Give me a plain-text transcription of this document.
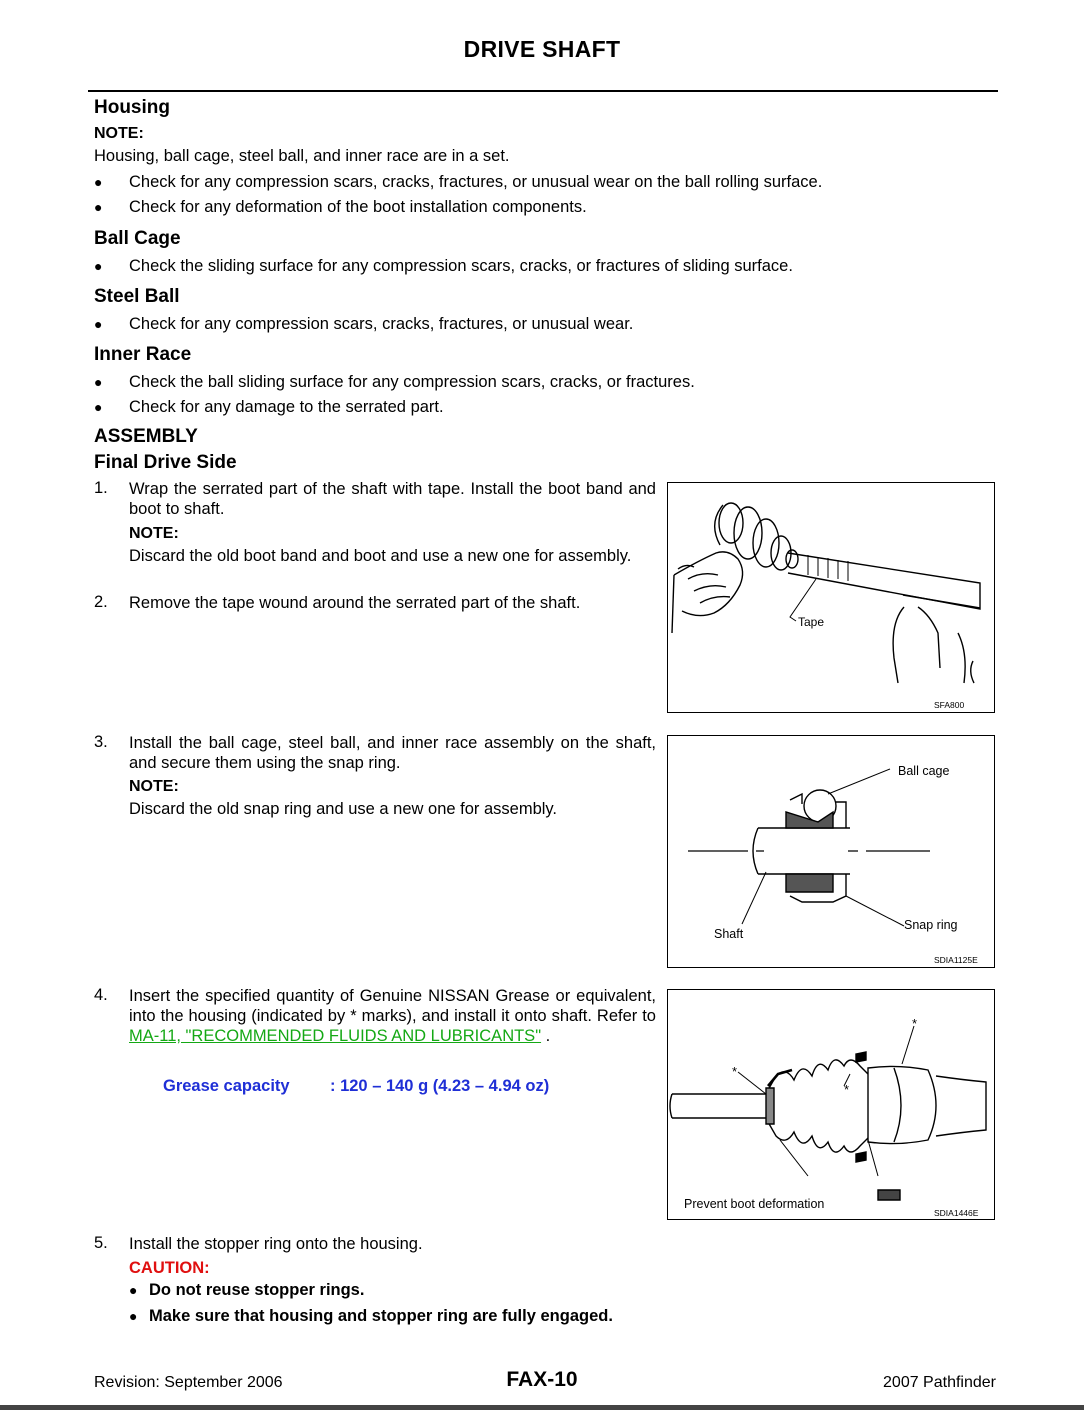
DRIVE SHAFT
Housing
NOTE:
Housing, ball cage, steel ball, and inner race are in a set.
● Check for any compression scars, cracks, fractures, or unusual wear on the ball rolling surface.
● Check for any deformation of the boot installation components.
Ball Cage
● Check the sliding surface for any compression scars, cracks, or fractures of sliding surface.
Steel Ball
● Check for any compression scars, cracks, fractures, or unusual wear.
Inner Race
● Check the ball sliding surface for any compression scars, cracks, or fractures.
● Check for any damage to the serrated part.
ASSEMBLY
Final Drive Side
1. Wrap the serrated part of the shaft with tape. Install the boot band and boot to shaft.
NOTE:
Discard the old boot band and boot and use a new one for assembly.
2. Remove the tape wound around the serrated part of the shaft.
Tape
SFA800
3. Install the ball cage, steel ball, and inner race assembly on the shaft, and secure them using the snap ring.
NOTE:
Discard the old snap ring and use a new one for assembly.
Ball cage
Snap ring
Shaft
SDIA1125E
4. Insert the specified quantity of Genuine NISSAN Grease or equivalent, into the housing (indicated by * marks), and install it onto shaft. Refer to MA-11, "RECOMMENDED FLUIDS AND LUBRICANTS" .
Grease capacity : 120 – 140 g (4.23 – 4.94 oz)
*
*
*
Prevent boot deformation
SDIA1446E
5. Install the stopper ring onto the housing.
CAUTION:
● Do not reuse stopper rings.
● Make sure that housing and stopper ring are fully engaged.
Revision: September 2006	FAX-10	2007 Pathfinder
